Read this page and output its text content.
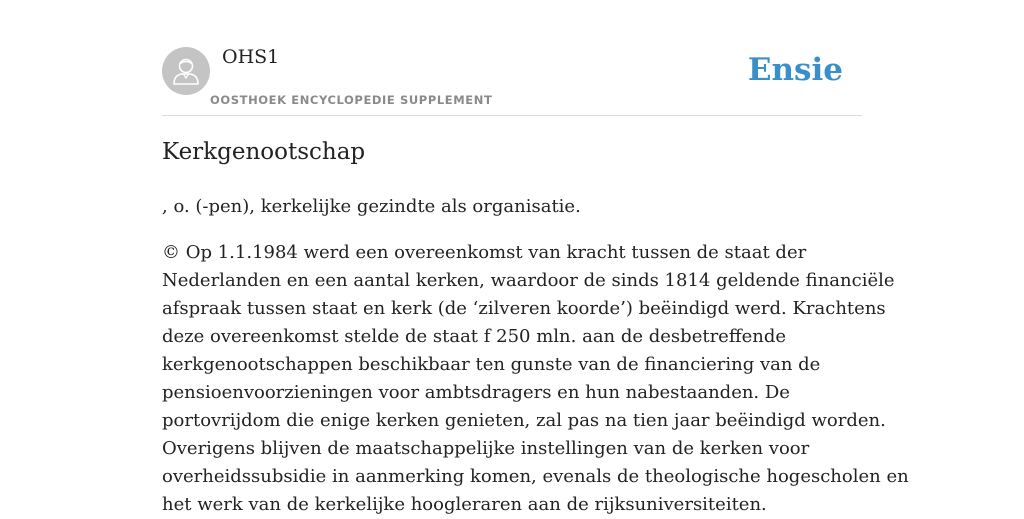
OHS1
OOSTHOEK ENCYCLOPEDIE SUPPLEMENT
Ensie
Kerkgenootschap

, o. (-pen), kerkelijke gezindte als organisatie.

© Op 1.1.1984 werd een overeenkomst van kracht tussen de staat der
Nederlanden en een aantal kerken, waardoor de sinds 1814 geldende financiële
afspraak tussen staat en kerk (de ‘zilveren koorde’) beëindigd werd. Krachtens
deze overeenkomst stelde de staat f 250 mln. aan de desbetreffende
kerkgenootschappen beschikbaar ten gunste van de financiering van de
pensioenvoorzieningen voor ambtsdragers en hun nabestaanden. De
portovrijdom die enige kerken genieten, zal pas na tien jaar beëindigd worden.
Overigens blijven de maatschappelijke instellingen van de kerken voor
overheidssubsidie in aanmerking komen, evenals de theologische hogescholen en
het werk van de kerkelijke hoogleraren aan de rijksuniversiteiten.
